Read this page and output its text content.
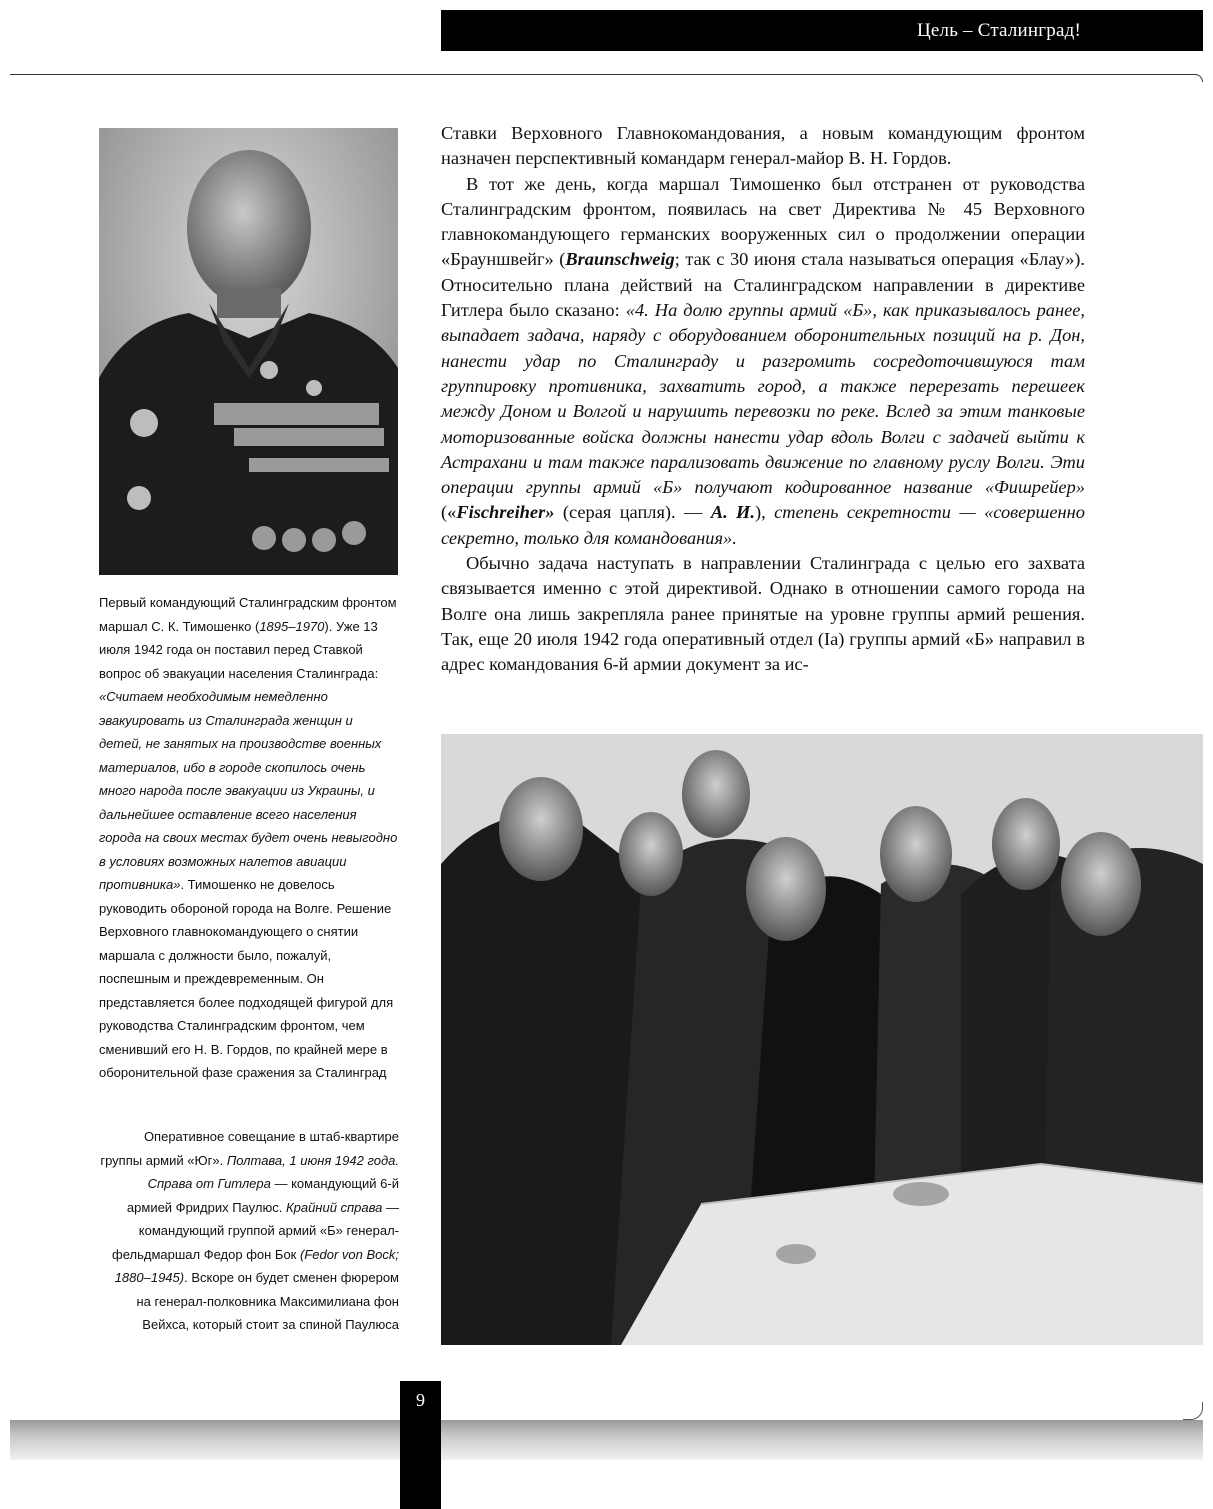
Цель – Сталинград!
Первый командующий Сталинградским фронтом маршал С. К. Тимошенко (1895–1970). Уже 13 июля 1942 года он поставил перед Ставкой вопрос об эвакуации населения Сталинграда: «Считаем необходимым немедленно эвакуировать из Сталинграда женщин и детей, не занятых на производстве военных материалов, ибо в городе скопилось очень много народа после эвакуации из Украины, и дальнейшее оставление всего населения города на своих местах будет очень невыгодно в условиях возможных налетов авиации противника». Тимошенко не довелось руководить обороной города на Волге. Решение Верховного главнокомандующего о снятии маршала с должности было, пожалуй, поспешным и преждевременным. Он представляется более подходящей фигурой для руководства Сталинградским фронтом, чем сменивший его Н. В. Гордов, по крайней мере в оборонительной фазе сражения за Сталинград

Ставки Верховного Главнокомандования, а новым командующим фронтом назначен перспективный командарм генерал-майор В. Н. Гордов.

В тот же день, когда маршал Тимошенко был отстранен от руководства Сталинградским фронтом, появилась на свет Директива № 45 Верховного главнокомандующего германских вооруженных сил о продолжении операции «Брауншвейг» (Braunschweig; так с 30 июня стала называться операция «Блау»). Относительно плана действий на Сталинградском направлении в директиве Гитлера было сказано: «4. На долю группы армий «Б», как приказывалось ранее, выпадает задача, наряду с оборудованием оборонительных позиций на р. Дон, нанести удар по Сталинграду и разгромить сосредоточившуюся там группировку противника, захватить город, а также перерезать перешеек между Доном и Волгой и нарушить перевозки по реке. Вслед за этим танковые моторизованные войска должны нанести удар вдоль Волги с задачей выйти к Астрахани и там также парализовать движение по главному руслу Волги. Эти операции группы армий «Б» получают кодированное название «Фишрейер» («Fischreiher» (серая цапля). — А. И.), степень секретности — «совершенно секретно, только для командования».

Обычно задача наступать в направлении Сталинграда с целью его захвата связывается именно с этой директивой. Однако в отношении самого города на Волге она лишь закрепляла ранее принятые на уровне группы армий решения. Так, еще 20 июля 1942 года оперативный отдел (Ia) группы армий «Б» направил в адрес командования 6-й армии документ за ис-

Оперативное совещание в штаб-квартире группы армий «Юг». Полтава, 1 июня 1942 года. Справа от Гитлера — командующий 6-й армией Фридрих Паулюс. Крайний справа — командующий группой армий «Б» генерал-фельдмаршал Федор фон Бок (Fedor von Bock; 1880–1945). Вскоре он будет сменен фюрером на генерал-полковника Максимилиана фон Вейхса, который стоит за спиной Паулюса
9
